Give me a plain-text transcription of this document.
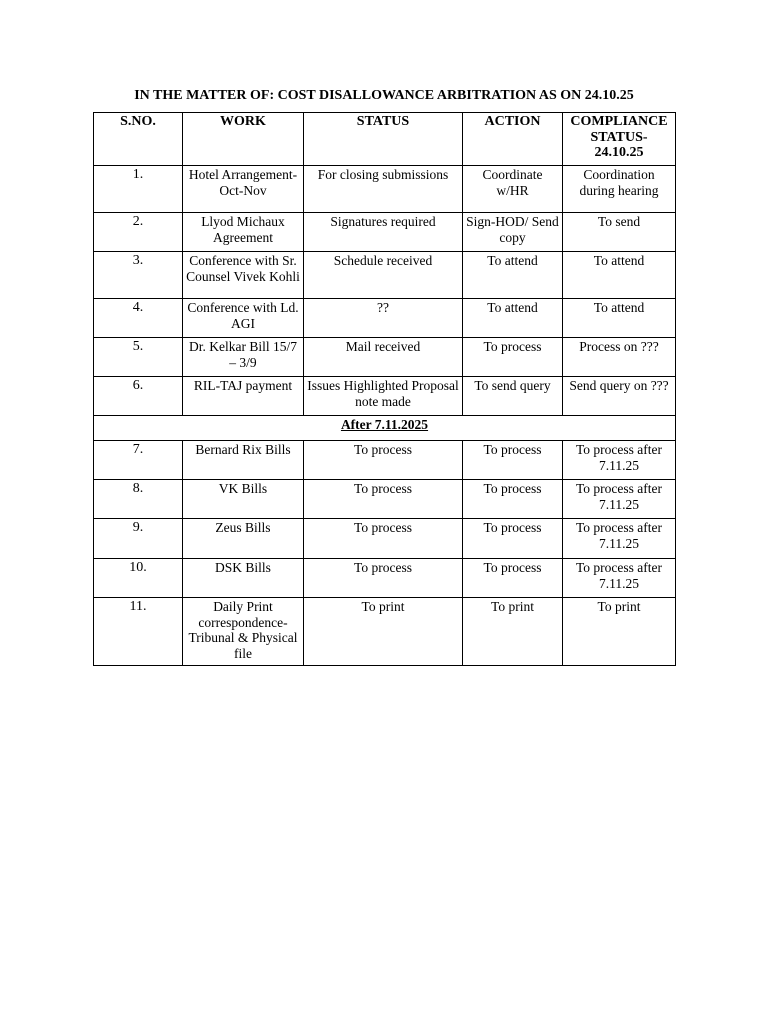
IN THE MATTER OF: COST DISALLOWANCE ARBITRATION AS ON 24.10.25
S.NO.	WORK	STATUS	ACTION	COMPLIANCE STATUS-24.10.25
1.	Hotel Arrangement-Oct-Nov	For closing submissions	Coordinate w/HR	Coordination during hearing
2.	Llyod Michaux Agreement	Signatures required	Sign-HOD/ Send copy	To send
3.	Conference with Sr. Counsel Vivek Kohli	Schedule received	To attend	To attend
4.	Conference with Ld. AGI	??	To attend	To attend
5.	Dr. Kelkar Bill 15/7 – 3/9	Mail received	To process	Process on ???
6.	RIL-TAJ payment	Issues Highlighted Proposal note made	To send query	Send query on ???
After 7.11.2025				
7.	Bernard Rix Bills	To process	To process	To process after 7.11.25
8.	VK Bills	To process	To process	To process after 7.11.25
9.	Zeus Bills	To process	To process	To process after 7.11.25
10.	DSK Bills	To process	To process	To process after 7.11.25
11.	Daily Print correspondence-Tribunal & Physical file	To print	To print	To print
